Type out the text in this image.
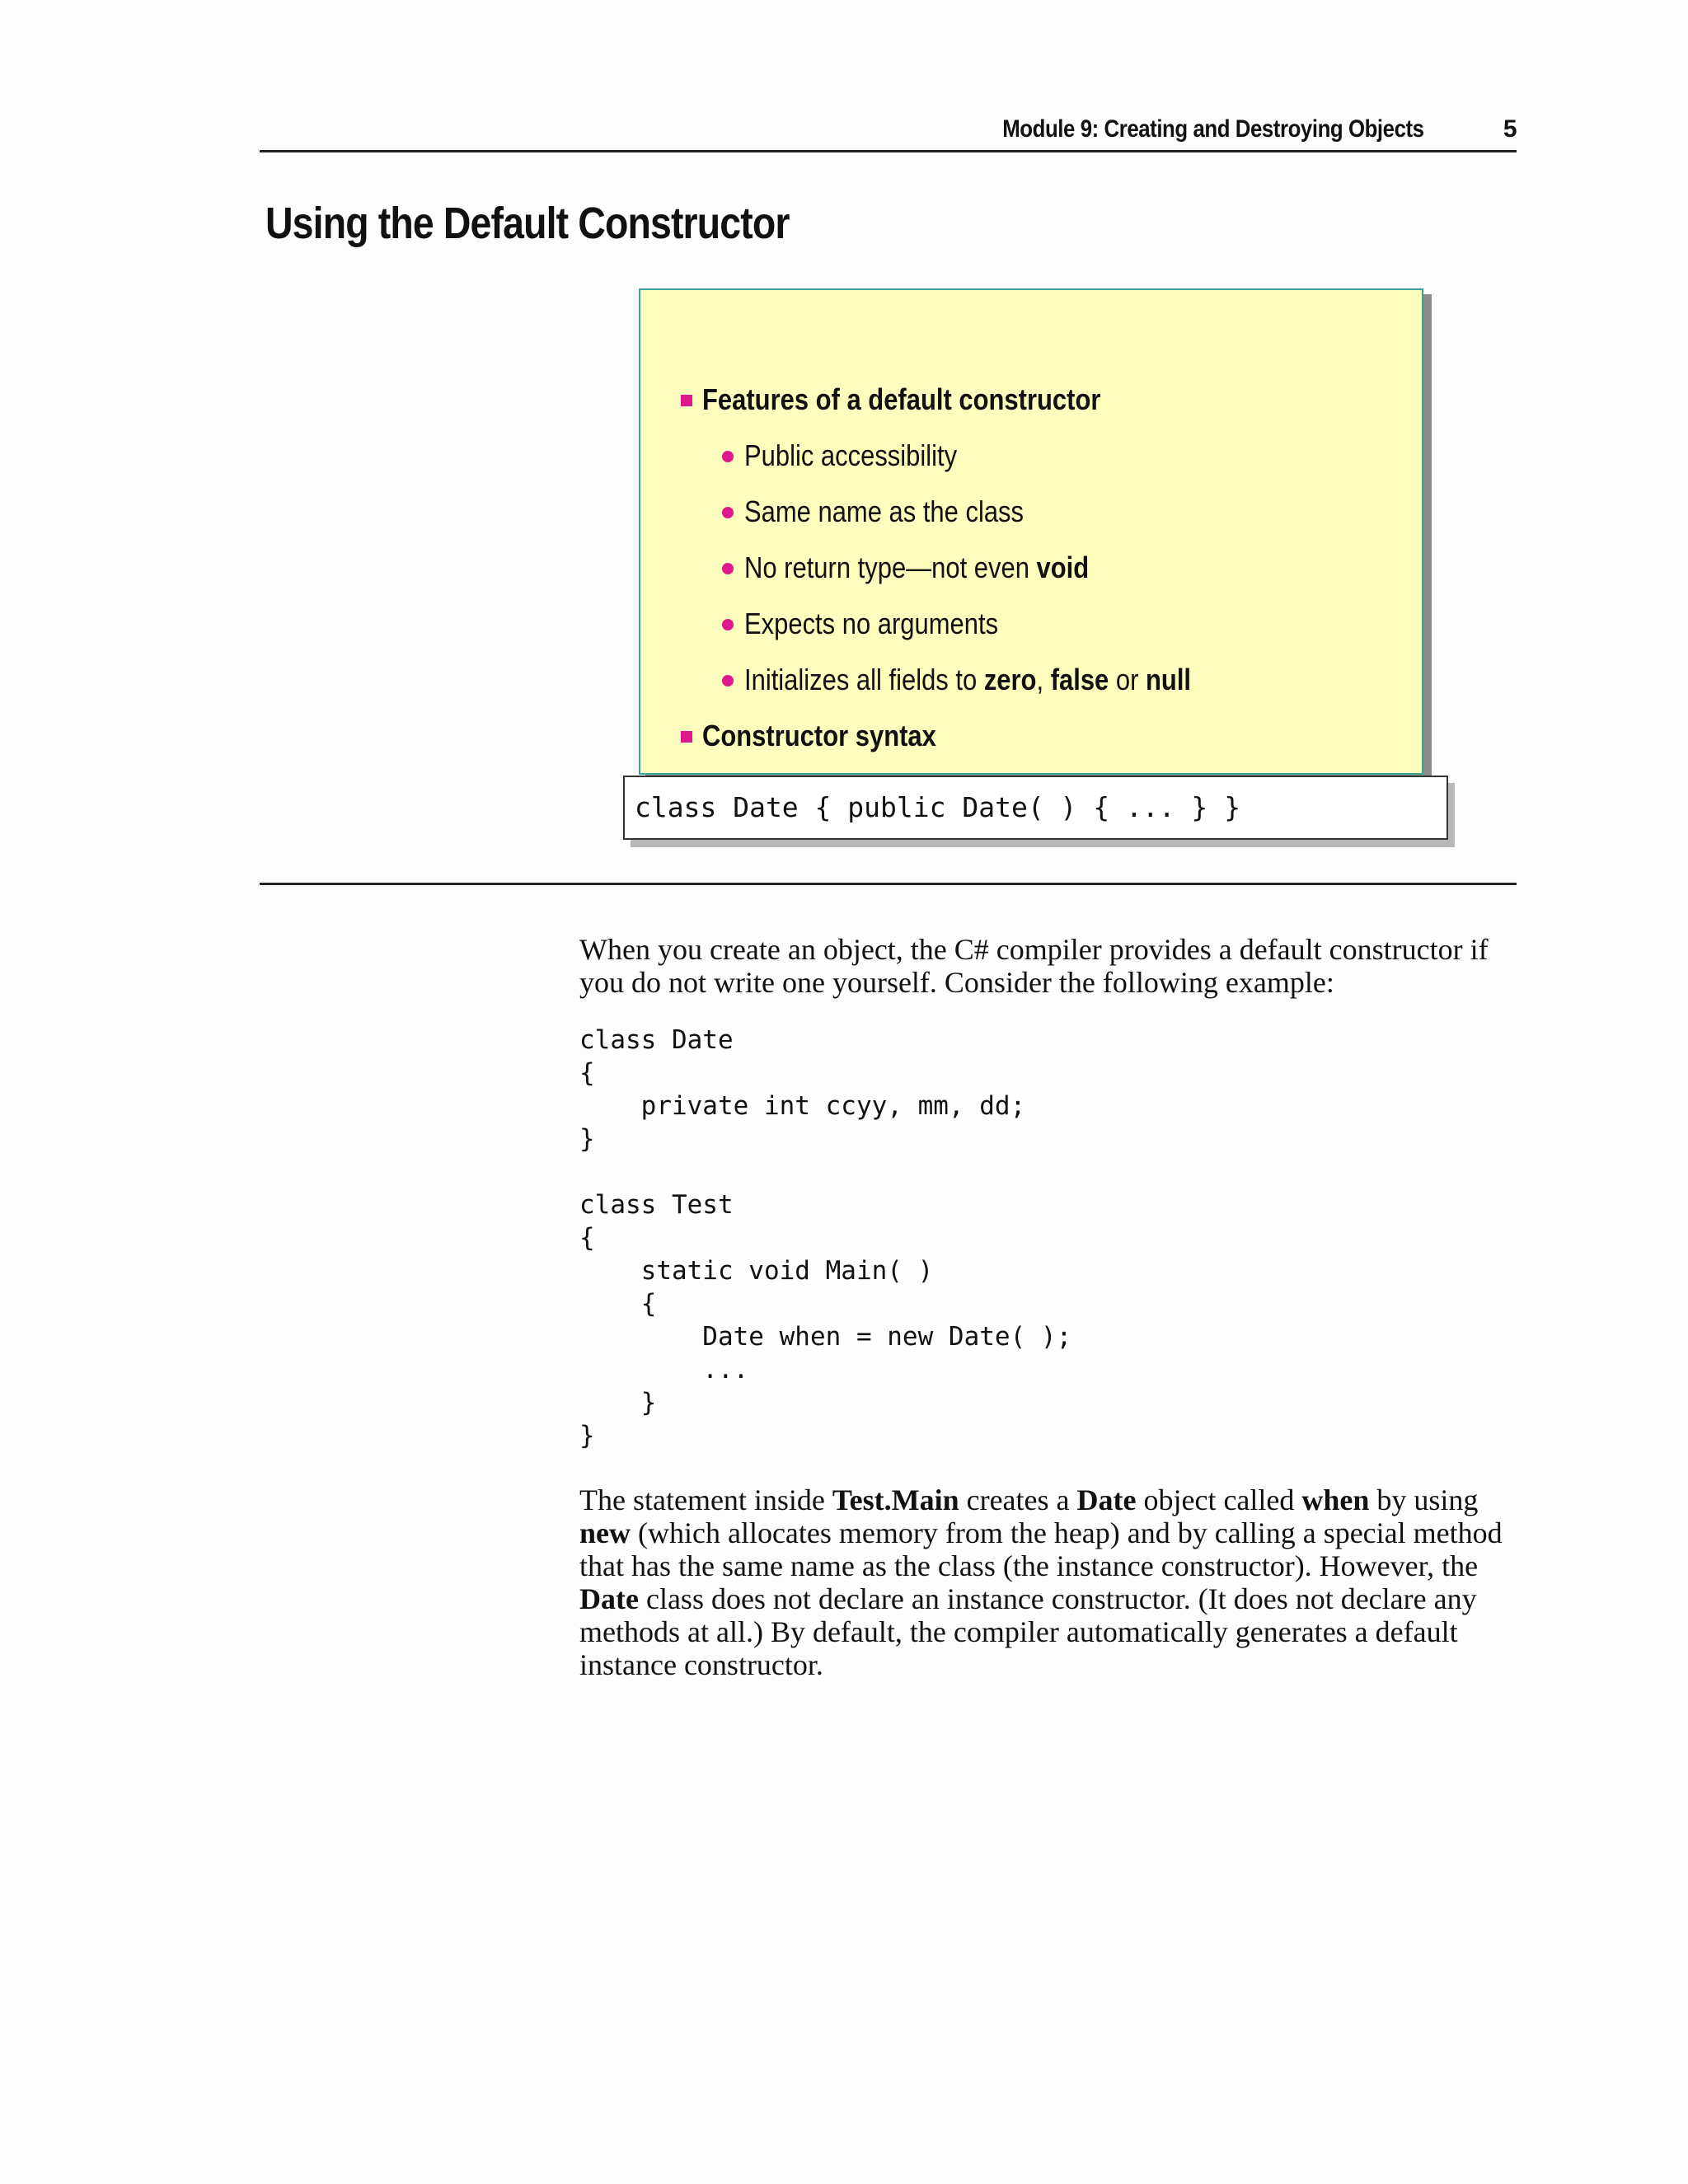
Module 9: Creating and Destroying Objects	5
Using the Default Constructor
Features of a default constructor
Public accessibility
Same name as the class
No return type—not even void
Expects no arguments
Initializes all fields to zero, false or null
Constructor syntax
class Date { public Date( ) { ... } }
When you create an object, the C# compiler provides a default constructor if you do not write one yourself. Consider the following example:
class Date
{
private int ccyy, mm, dd;
}

class Test
{
static void Main( )
{
Date when = new Date( );
...
}
}
The statement inside Test.Main creates a Date object called when by using new (which allocates memory from the heap) and by calling a special method that has the same name as the class (the instance constructor). However, the Date class does not declare an instance constructor. (It does not declare any methods at all.) By default, the compiler automatically generates a default instance constructor.
